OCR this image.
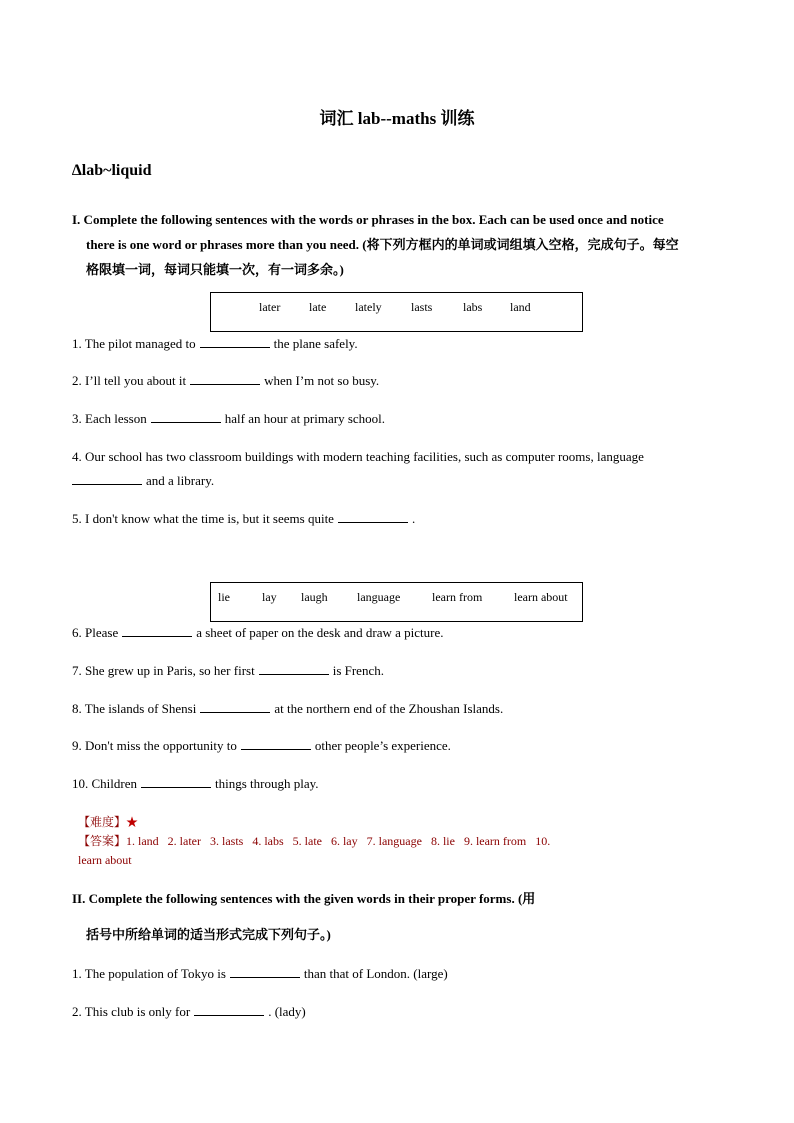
词汇 lab--maths 训练
∆lab~liquid
I. Complete the following sentences with the words or phrases in the box. Each can be used once and notice
there is one word or phrases more than you need. (将下列方框内的单词或词组填入空格，完成句子。每空
格限填一词，每词只能填一次，有一词多余。)
later late lately lasts	labs land
1. The pilot managed to	the plane safely.
2. I’ll tell you about it	when I’m not so busy.
3. Each lesson	half an hour at primary school.
4. Our school has two classroom buildings with modern teaching facilities, such as computer rooms, language
and a library.
5. I don't know what the time is, but it seems quite	.
lie	lay laugh language	learn from	learn about
6. Please	a sheet of paper on the desk and draw a picture.
7. She grew up in Paris, so her first	is French.
8. The islands of Shensi	at the northern end of the Zhoushan Islands.
9. Don't miss the opportunity to	other people’s experience.
10. Children	things through play.
【难度】★
【答案】1. land   2. later   3. lasts   4. labs   5. late   6. lay   7. language   8. lie   9. learn from   10.
learn about
II. Complete the following sentences with the given words in their proper forms. (用
括号中所给单词的适当形式完成下列句子。)
1. The population of Tokyo is	than that of London. (large)
2. This club is only for	. (lady)
